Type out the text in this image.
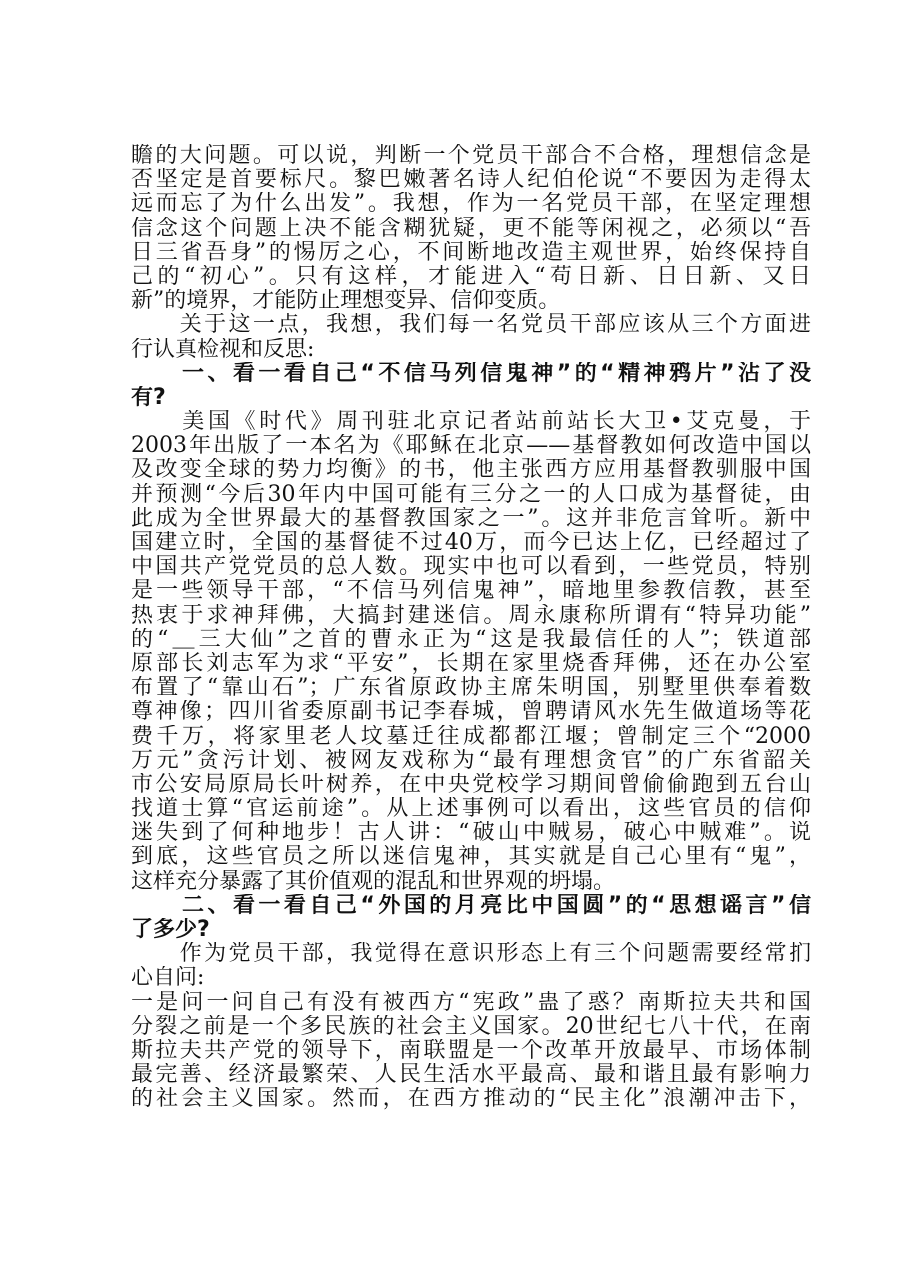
瞻的大问题。可以说，判断一个党员干部合不合格，理想信念是
否坚定是首要标尺。黎巴嫩著名诗人纪伯伦说“不要因为走得太
远而忘了为什么出发”。我想，作为一名党员干部，在坚定理想
信念这个问题上决不能含糊犹疑，更不能等闲视之，必须以“吾
日三省吾身”的惕厉之心，不间断地改造主观世界，始终保持自
己的“初心”。只有这样，才能进入“苟日新、日日新、又日
新”的境界，才能防止理想变异、信仰变质。
　　关于这一点，我想，我们每一名党员干部应该从三个方面进
行认真检视和反思:
　　一、看一看自己“不信马列信鬼神”的“精神鸦片”沾了没
有?
　　美国《时代》周刊驻北京记者站前站长大卫•艾克曼，于
2003年出版了一本名为《耶稣在北京——基督教如何改造中国以
及改变全球的势力均衡》的书，他主张西方应用基督教驯服中国
并预测“今后30年内中国可能有三分之一的人口成为基督徒，由
此成为全世界最大的基督教国家之一”。这并非危言耸听。新中
国建立时，全国的基督徒不过40万，而今已达上亿，已经超过了
中国共产党党员的总人数。现实中也可以看到，一些党员，特别
是一些领导干部，“不信马列信鬼神”，暗地里参教信教，甚至
热衷于求神拜佛，大搞封建迷信。周永康称所谓有“特异功能”
的“＿三大仙”之首的曹永正为“这是我最信任的人”；铁道部
原部长刘志军为求“平安”，长期在家里烧香拜佛，还在办公室
布置了“靠山石”；广东省原政协主席朱明国，别墅里供奉着数
尊神像；四川省委原副书记李春城，曾聘请风水先生做道场等花
费千万，将家里老人坟墓迁往成都都江堰；曾制定三个“2000
万元”贪污计划、被网友戏称为“最有理想贪官”的广东省韶关
市公安局原局长叶树养，在中央党校学习期间曾偷偷跑到五台山
找道士算“官运前途”。从上述事例可以看出，这些官员的信仰
迷失到了何种地步！古人讲：“破山中贼易，破心中贼难”。说
到底，这些官员之所以迷信鬼神，其实就是自己心里有“鬼”，
这样充分暴露了其价值观的混乱和世界观的坍塌。
　　二、看一看自己“外国的月亮比中国圆”的“思想谣言”信
了多少?
　　作为党员干部，我觉得在意识形态上有三个问题需要经常扪
心自问:
一是问一问自己有没有被西方“宪政”蛊了惑？南斯拉夫共和国
分裂之前是一个多民族的社会主义国家。20世纪七八十代，在南
斯拉夫共产党的领导下，南联盟是一个改革开放最早、市场体制
最完善、经济最繁荣、人民生活水平最高、最和谐且最有影响力
的社会主义国家。然而，在西方推动的“民主化”浪潮冲击下，
